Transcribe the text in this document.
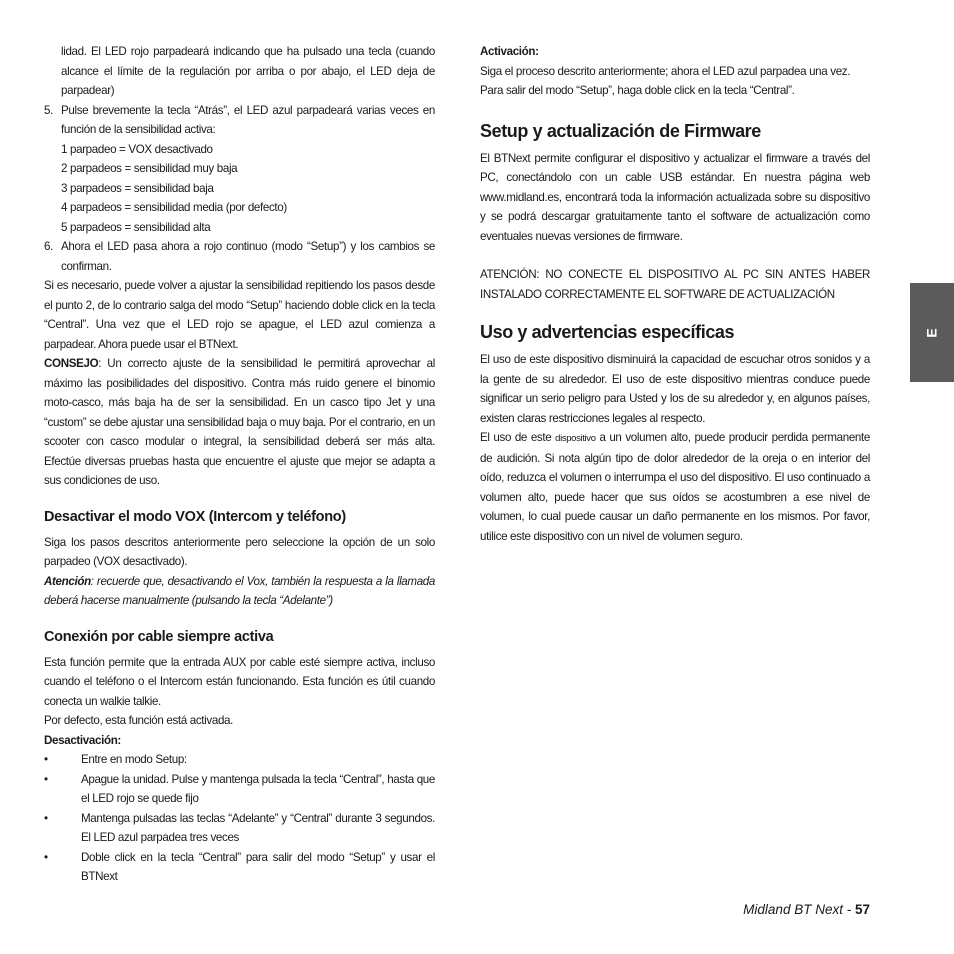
lidad. El LED rojo parpadeará indicando que ha pulsado una tecla (cuando alcance el límite de la regulación por arriba o por abajo, el LED deja de parpadear)

5. Pulse brevemente la tecla “Atrás”, el LED azul parpadeará varias veces en función de la sensibilidad activa:

1 parpadeo = VOX desactivado
2 parpadeos = sensibilidad muy baja
3 parpadeos = sensibilidad baja
4 parpadeos = sensibilidad media (por defecto)
5 parpadeos = sensibilidad alta
6. Ahora el LED pasa ahora a rojo continuo (modo “Setup”) y los cambios se confirman.

Si es necesario, puede volver a ajustar la sensibilidad repitiendo los pasos desde el punto 2, de lo contrario salga del modo “Setup” haciendo doble click en la tecla “Central”. Una vez que el LED rojo se apague, el LED azul comienza a parpadear. Ahora puede usar el BTNext.

CONSEJO: Un correcto ajuste de la sensibilidad le permitirá aprovechar al máximo las posibilidades del dispositivo. Contra más ruido genere el binomio moto-casco, más baja ha de ser la sensibilidad. En un casco tipo Jet y una “custom” se debe ajustar una sensibilidad baja o muy baja. Por el contrario, en un scooter con casco modular o integral, la sensibilidad deberá ser más alta. Efectúe diversas pruebas hasta que encuentre el ajuste que mejor se adapta a sus condiciones de uso.

Desactivar el modo VOX (Intercom y teléfono)

Siga los pasos descritos anteriormente pero seleccione la opción de un solo parpadeo (VOX desactivado).

Atención: recuerde que, desactivando el Vox, también la respuesta a la llamada deberá hacerse manualmente (pulsando la tecla “Adelante”)

Conexión por cable siempre activa

Esta función permite que la entrada AUX por cable esté siempre activa, incluso cuando el teléfono o el Intercom están funcionando. Esta función es útil cuando conecta un walkie talkie.

Por defecto, esta función está activada.

Desactivación:

•	Entre en modo Setup:

•	Apague la unidad. Pulse y mantenga pulsada la tecla “Central”, hasta que el LED rojo se quede fijo

•	Mantenga pulsadas las teclas “Adelante” y “Central” durante 3 segundos. El LED azul parpadea tres veces

•	Doble click en la tecla “Central” para salir del modo “Setup” y usar el BTNext

Activación:

Siga el proceso descrito anteriormente; ahora el LED azul parpadea una vez.

Para salir del modo “Setup”, haga doble click en la tecla “Central”.

Setup y actualización de Firmware

El BTNext permite configurar el dispositivo y actualizar el firmware a través del PC, conectándolo con un cable USB estándar. En nuestra página web www.midland.es, encontrará toda la información actualizada sobre su dispositivo y se podrá descargar gratuitamente tanto el software de actualización como eventuales nuevas versiones de firmware.

ATENCIÓN: NO CONECTE EL DISPOSITIVO AL PC SIN ANTES HABER INSTALADO CORRECTAMENTE EL SOFTWARE DE ACTUALIZACIÓN

Uso y advertencias específicas

El uso de este dispositivo disminuirá la capacidad de escuchar otros sonidos y a la gente de su alrededor. El uso de este dispositivo mientras conduce puede significar un serio peligro para Usted y los de su alrededor y, en algunos países, existen claras restricciones legales al respecto.

El uso de este dispositivo a un volumen alto, puede producir perdida permanente de audición. Si nota algún tipo de dolor alrededor de la oreja o en interior del oído, reduzca el volumen o interrumpa el uso del dispositivo. El uso continuado a volumen alto, puede hacer que sus oídos se acostumbren a ese nivel de volumen, lo cual puede causar un daño permanente en los mismos. Por favor, utilice este dispositivo con un nivel de volumen seguro.

E
Midland BT Next - 57
